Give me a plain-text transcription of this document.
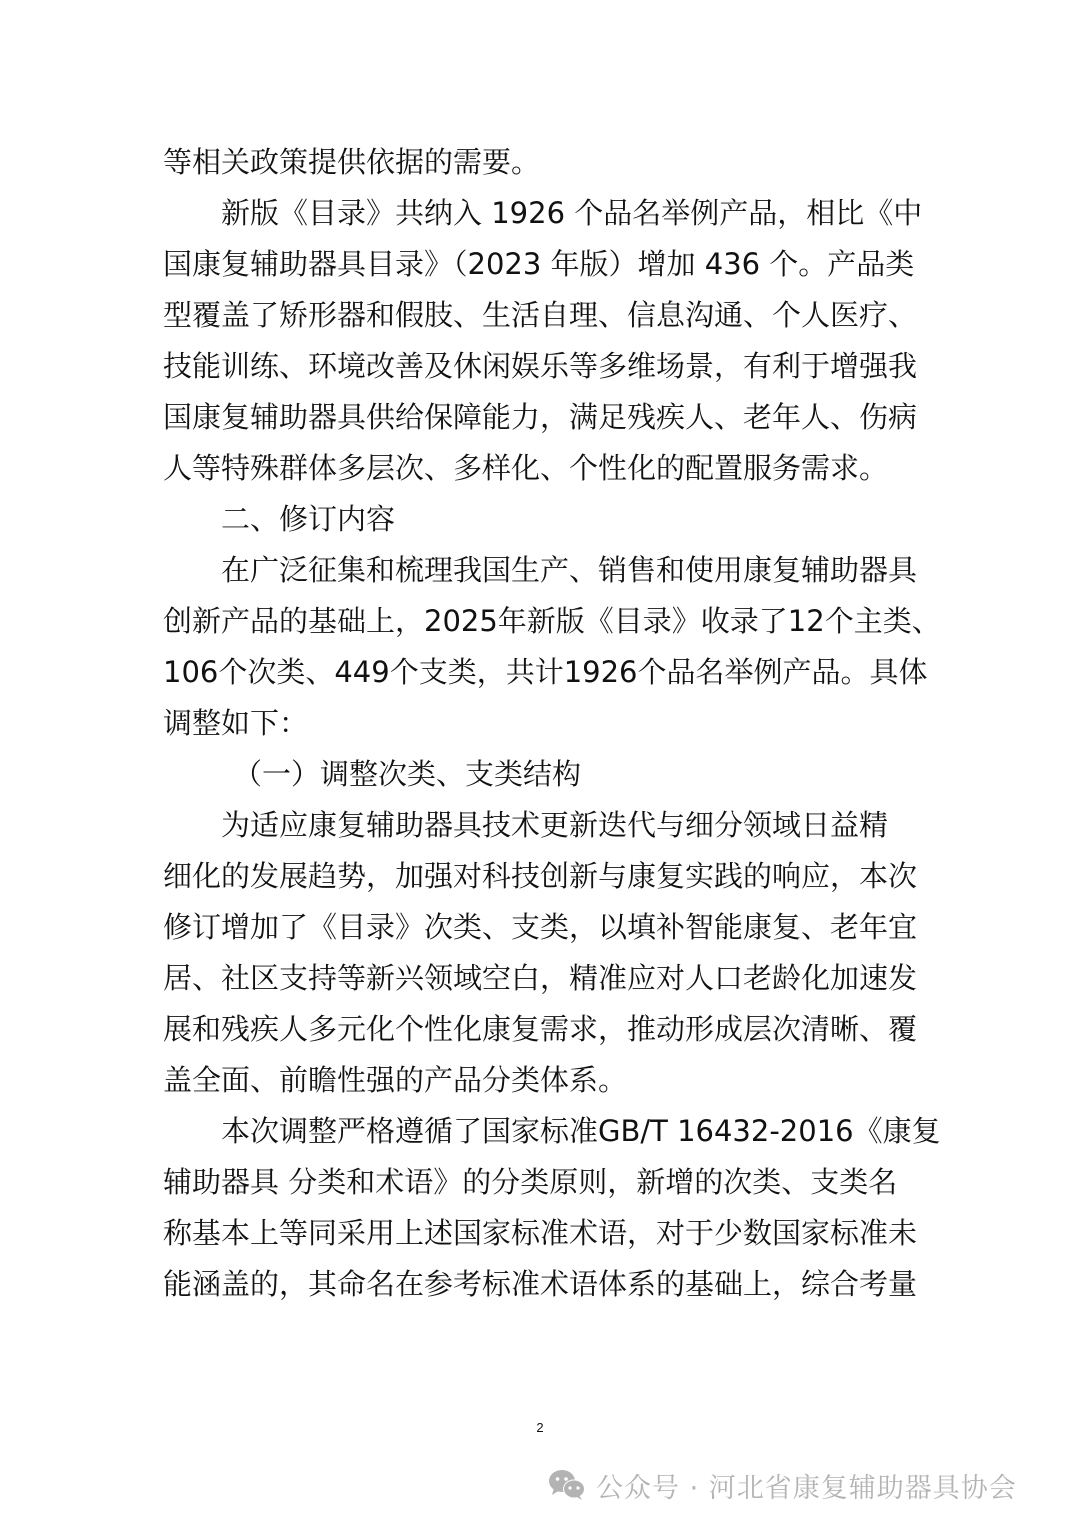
等相关政策提供依据的需要。
新版《目录》共纳入 1926 个品名举例产品，相比《中
国康复辅助器具目录》（2023 年版）增加 436 个。产品类
型覆盖了矫形器和假肢、生活自理、信息沟通、个人医疗、
技能训练、环境改善及休闲娱乐等多维场景，有利于增强我
国康复辅助器具供给保障能力，满足残疾人、老年人、伤病
人等特殊群体多层次、多样化、个性化的配置服务需求。
二、修订内容
在广泛征集和梳理我国生产、销售和使用康复辅助器具
创新产品的基础上，2025年新版《目录》收录了12个主类、
106个次类、449个支类，共计1926个品名举例产品。具体
调整如下：
（一）调整次类、支类结构
为适应康复辅助器具技术更新迭代与细分领域日益精
细化的发展趋势，加强对科技创新与康复实践的响应，本次
修订增加了《目录》次类、支类，以填补智能康复、老年宜
居、社区支持等新兴领域空白，精准应对人口老龄化加速发
展和残疾人多元化个性化康复需求，推动形成层次清晰、覆
盖全面、前瞻性强的产品分类体系。
本次调整严格遵循了国家标准GB/T 16432-2016《康复
辅助器具 分类和术语》的分类原则，新增的次类、支类名
称基本上等同采用上述国家标准术语，对于少数国家标准未
能涵盖的，其命名在参考标准术语体系的基础上，综合考量
2
公众号 · 河北省康复辅助器具协会
